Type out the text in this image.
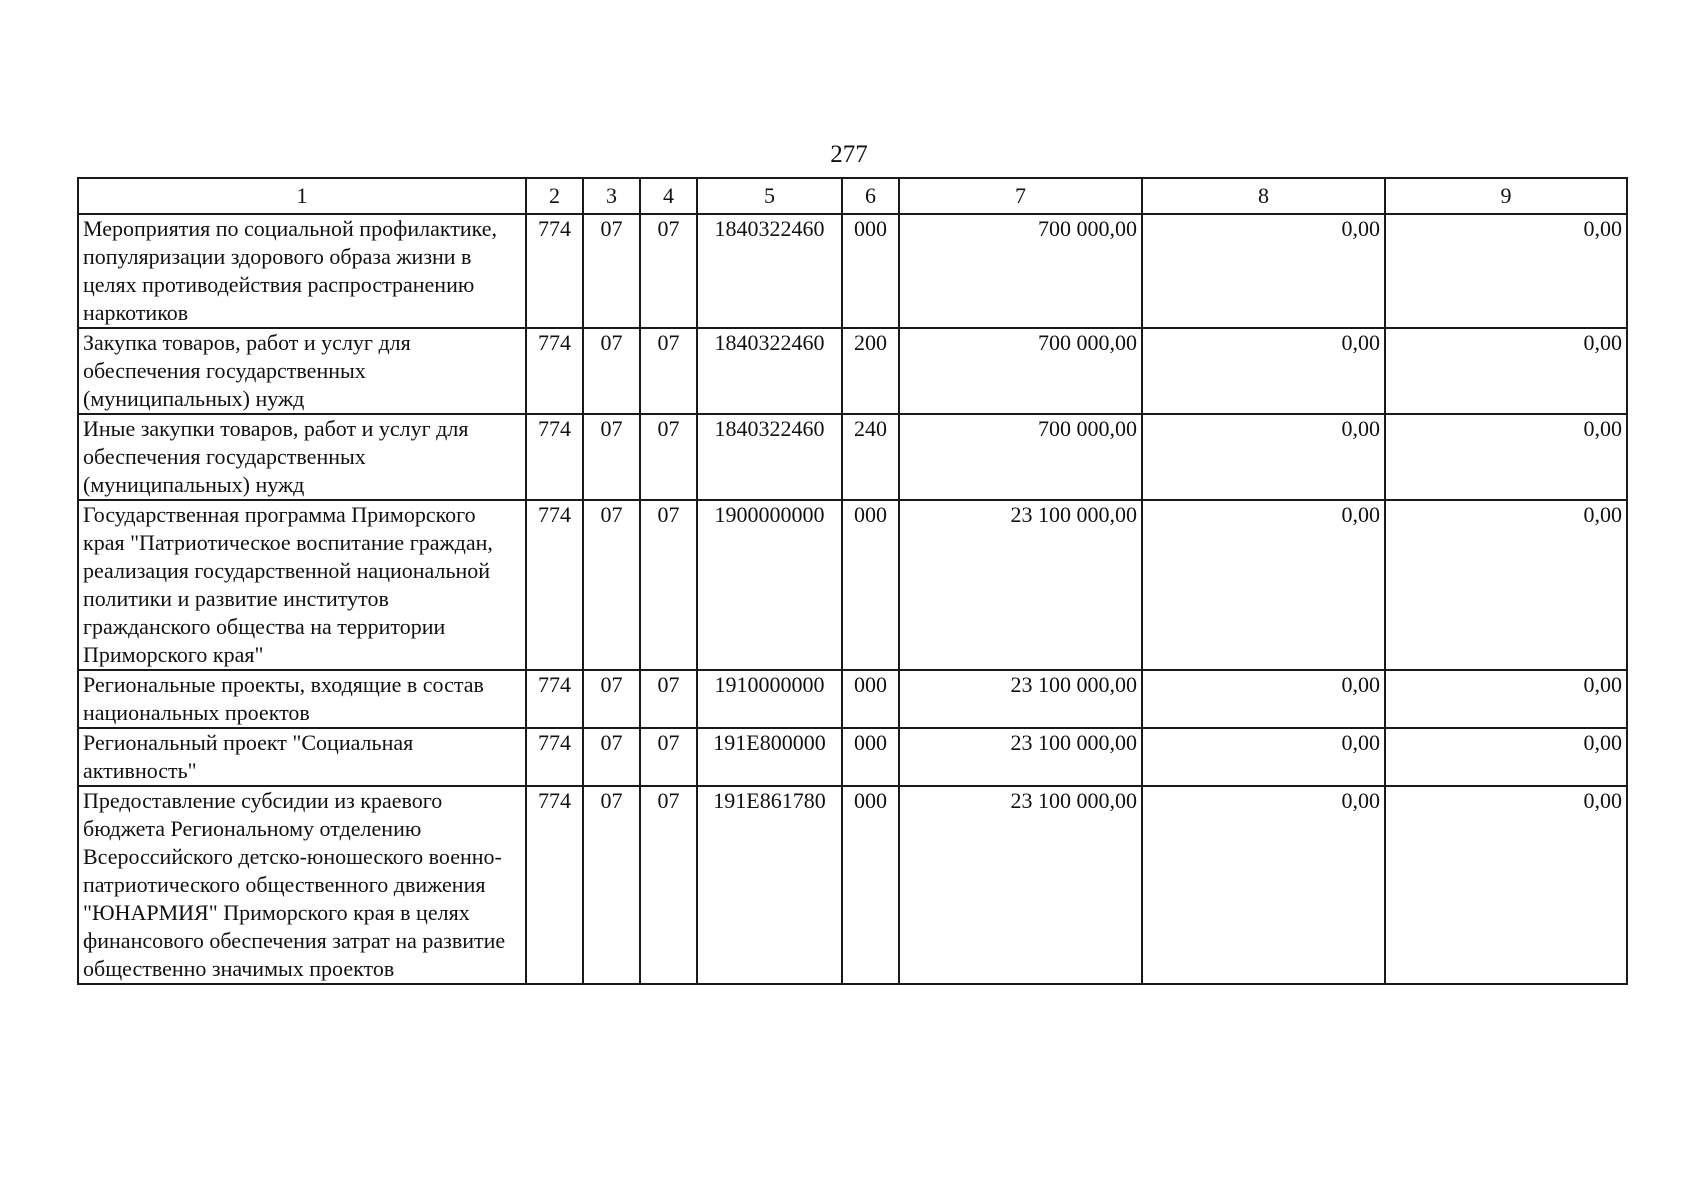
277
1	2	3	4	5	6	7	8	9
Мероприятия по социальной профилактике, популяризации здорового образа жизни в целях противодействия распространению наркотиков	774	07	07	1840322460	000	700 000,00	0,00	0,00
Закупка товаров, работ и услуг для обеспечения государственных (муниципальных) нужд	774	07	07	1840322460	200	700 000,00	0,00	0,00
Иные закупки товаров, работ и услуг для обеспечения государственных (муниципальных) нужд	774	07	07	1840322460	240	700 000,00	0,00	0,00
Государственная программа Приморского края "Патриотическое воспитание граждан, реализация государственной национальной политики и развитие институтов гражданского общества на территории Приморского края"	774	07	07	1900000000	000	23 100 000,00	0,00	0,00
Региональные проекты, входящие в состав национальных проектов	774	07	07	1910000000	000	23 100 000,00	0,00	0,00
Региональный проект "Социальная активность"	774	07	07	191E800000	000	23 100 000,00	0,00	0,00
Предоставление субсидии из краевого бюджета Региональному отделению Всероссийского детско-юношеского военно-патриотического общественного движения "ЮНАРМИЯ" Приморского края в целях финансового обеспечения затрат на развитие общественно значимых проектов	774	07	07	191E861780	000	23 100 000,00	0,00	0,00
